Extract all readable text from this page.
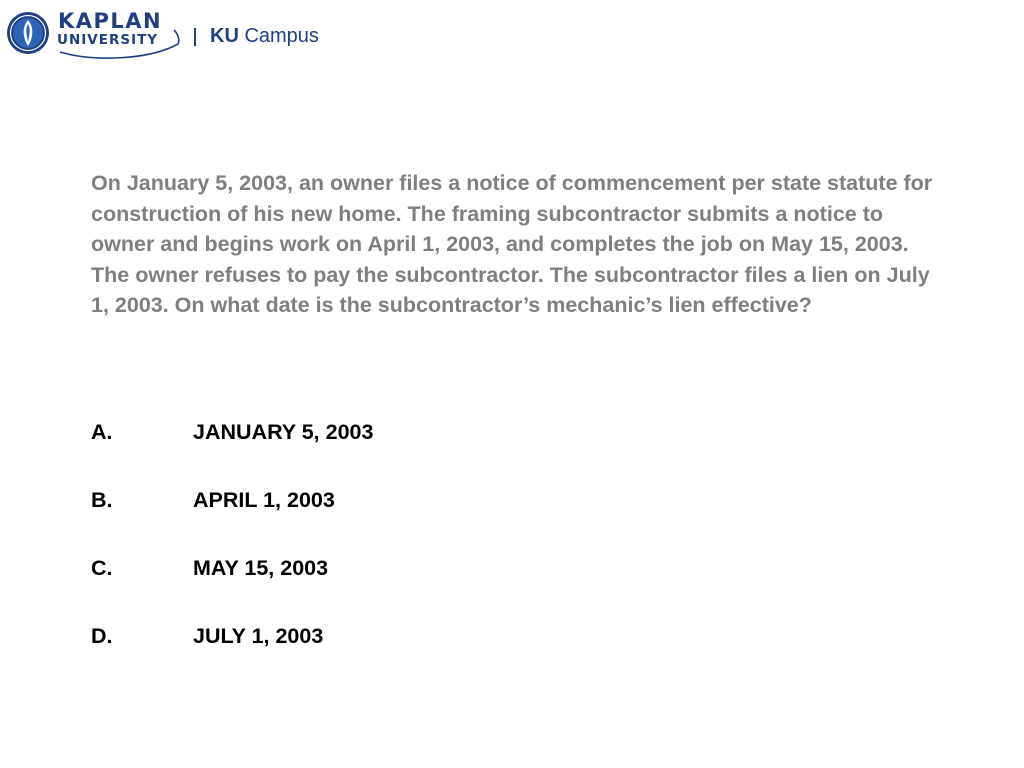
KAPLAN
UNIVERSITY	KU Campus

On January 5, 2003, an owner files a notice of commencement per state statute for construction of his new home. The framing subcontractor submits a notice to owner and begins work on April 1, 2003, and completes the job on May 15, 2003. The owner refuses to pay the subcontractor. The subcontractor files a lien on July 1, 2003. On what date is the subcontractor’s mechanic’s lien effective?

A.	JANUARY 5, 2003
B.	APRIL 1, 2003
C.	MAY 15, 2003
D.	JULY 1, 2003
